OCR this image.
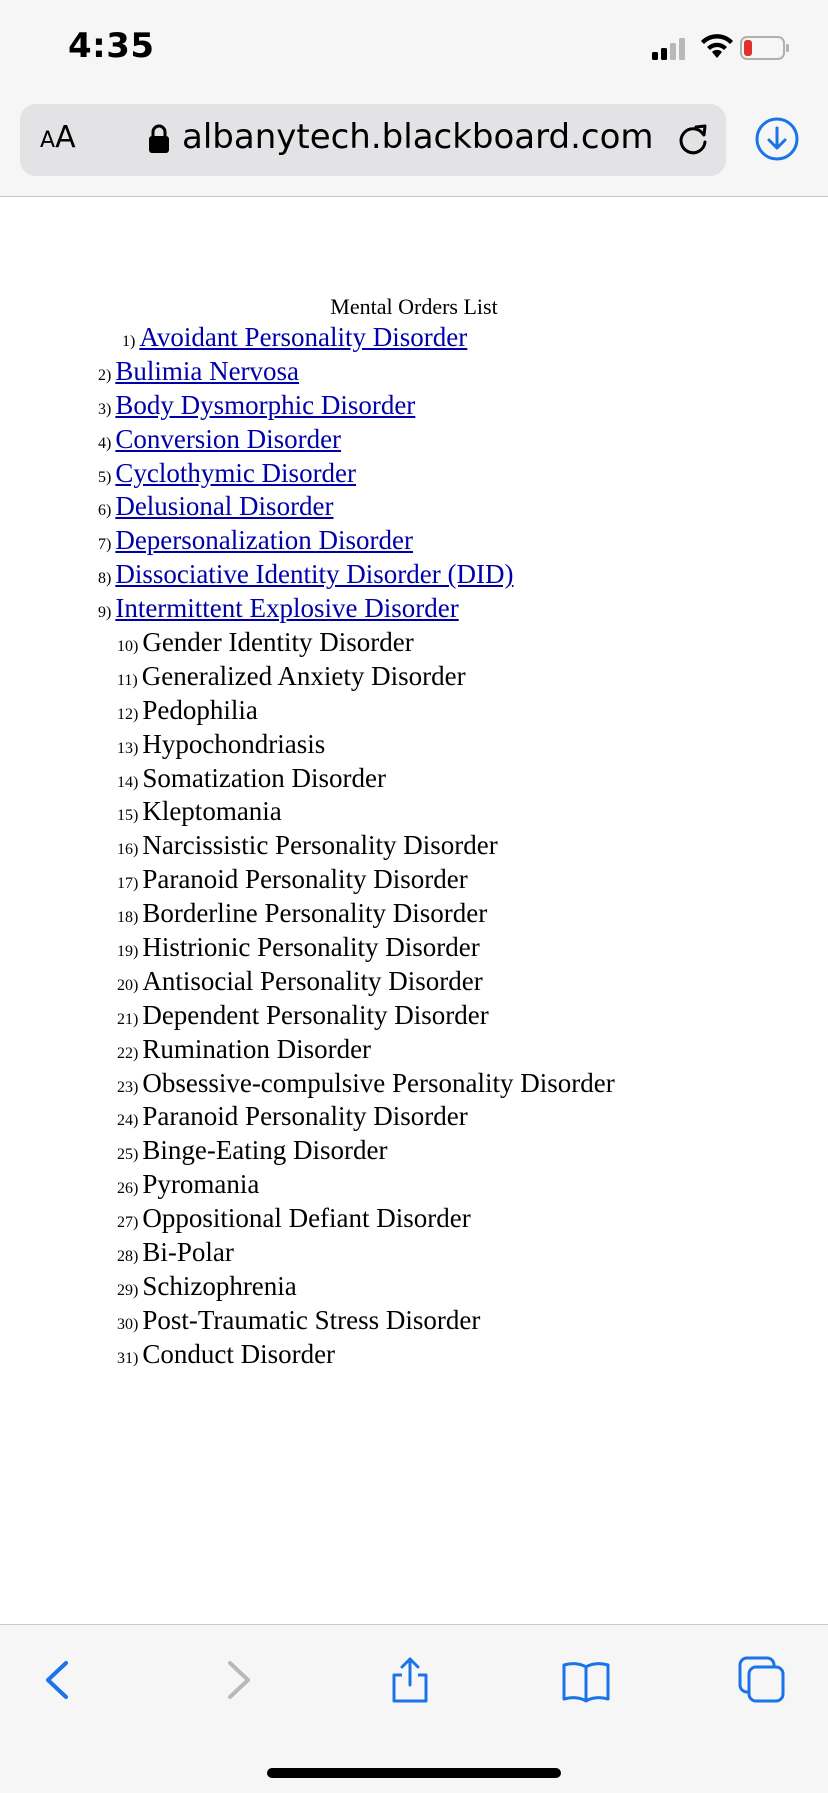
4:35
AA	albanytech.blackboard.com
Mental Orders List
1) Avoidant Personality Disorder
2) Bulimia Nervosa
3) Body Dysmorphic Disorder
4) Conversion Disorder
5) Cyclothymic Disorder
6) Delusional Disorder
7) Depersonalization Disorder
8) Dissociative Identity Disorder (DID)
9) Intermittent Explosive Disorder
10) Gender Identity Disorder
11) Generalized Anxiety Disorder
12) Pedophilia
13) Hypochondriasis
14) Somatization Disorder
15) Kleptomania
16) Narcissistic Personality Disorder
17) Paranoid Personality Disorder
18) Borderline Personality Disorder
19) Histrionic Personality Disorder
20) Antisocial Personality Disorder
21) Dependent Personality Disorder
22) Rumination Disorder
23) Obsessive-compulsive Personality Disorder
24) Paranoid Personality Disorder
25) Binge-Eating Disorder
26) Pyromania
27) Oppositional Defiant Disorder
28) Bi-Polar
29) Schizophrenia
30) Post-Traumatic Stress Disorder
31) Conduct Disorder
